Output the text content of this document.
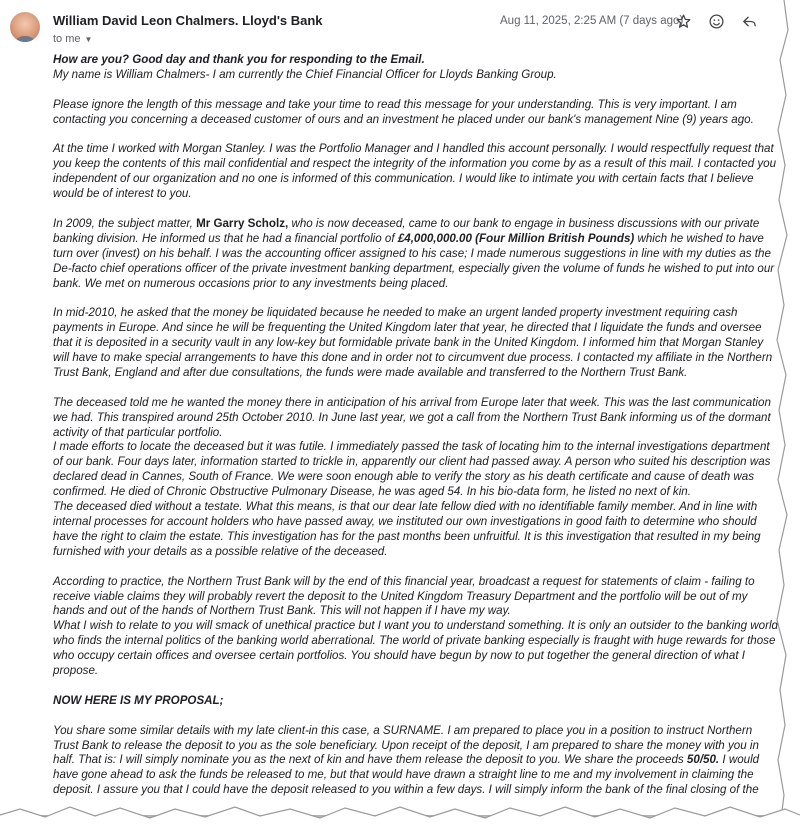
William David Leon Chalmers. Lloyd's Bank
to me ▼
Aug 11, 2025, 2:25 AM (7 days ago)
How are you? Good day and thank you for responding to the Email.

My name is William Chalmers- I am currently the Chief Financial Officer for Lloyds Banking Group.

Please ignore the length of this message and take your time to read this message for your understanding. This is very important. I am
contacting you concerning a deceased customer of ours and an investment he placed under our bank's management Nine (9) years ago.

At the time I worked with Morgan Stanley. I was the Portfolio Manager and I handled this account personally. I would respectfully request that
you keep the contents of this mail confidential and respect the integrity of the information you come by as a result of this mail. I contacted you
independent of our organization and no one is informed of this communication. I would like to intimate you with certain facts that I believe
would be of interest to you.

In 2009, the subject matter, Mr Garry Scholz, who is now deceased, came to our bank to engage in business discussions with our private
banking division. He informed us that he had a financial portfolio of £4,000,000.00 (Four Million British Pounds) which he wished to have
turn over (invest) on his behalf. I was the accounting officer assigned to his case; I made numerous suggestions in line with my duties as the
De-facto chief operations officer of the private investment banking department, especially given the volume of funds he wished to put into our
bank. We met on numerous occasions prior to any investments being placed.

In mid-2010, he asked that the money be liquidated because he needed to make an urgent landed property investment requiring cash
payments in Europe. And since he will be frequenting the United Kingdom later that year, he directed that I liquidate the funds and oversee
that it is deposited in a security vault in any low-key but formidable private bank in the United Kingdom. I informed him that Morgan Stanley
will have to make special arrangements to have this done and in order not to circumvent due process. I contacted my affiliate in the Northern
Trust Bank, England and after due consultations, the funds were made available and transferred to the Northern Trust Bank.

The deceased told me he wanted the money there in anticipation of his arrival from Europe later that week. This was the last communication
we had. This transpired around 25th October 2010. In June last year, we got a call from the Northern Trust Bank informing us of the dormant
activity of that particular portfolio.
I made efforts to locate the deceased but it was futile. I immediately passed the task of locating him to the internal investigations department
of our bank. Four days later, information started to trickle in, apparently our client had passed away. A person who suited his description was
declared dead in Cannes, South of France. We were soon enough able to verify the story as his death certificate and cause of death was
confirmed. He died of Chronic Obstructive Pulmonary Disease, he was aged 54. In his bio-data form, he listed no next of kin.
The deceased died without a testate. What this means, is that our dear late fellow died with no identifiable family member. And in line with
internal processes for account holders who have passed away, we instituted our own investigations in good faith to determine who should
have the right to claim the estate. This investigation has for the past months been unfruitful. It is this investigation that resulted in my being
furnished with your details as a possible relative of the deceased.

According to practice, the Northern Trust Bank will by the end of this financial year, broadcast a request for statements of claim - failing to
receive viable claims they will probably revert the deposit to the United Kingdom Treasury Department and the portfolio will be out of my
hands and out of the hands of Northern Trust Bank. This will not happen if I have my way.
What I wish to relate to you will smack of unethical practice but I want you to understand something. It is only an outsider to the banking world
who finds the internal politics of the banking world aberrational. The world of private banking especially is fraught with huge rewards for those
who occupy certain offices and oversee certain portfolios. You should have begun by now to put together the general direction of what I
propose.

NOW HERE IS MY PROPOSAL;

You share some similar details with my late client-in this case, a SURNAME. I am prepared to place you in a position to instruct Northern
Trust Bank to release the deposit to you as the sole beneficiary. Upon receipt of the deposit, I am prepared to share the money with you in
half. That is: I will simply nominate you as the next of kin and have them release the deposit to you. We share the proceeds 50/50. I would
have gone ahead to ask the funds be released to me, but that would have drawn a straight line to me and my involvement in claiming the
deposit. I assure you that I could have the deposit released to you within a few days. I will simply inform the bank of the final closing of the
